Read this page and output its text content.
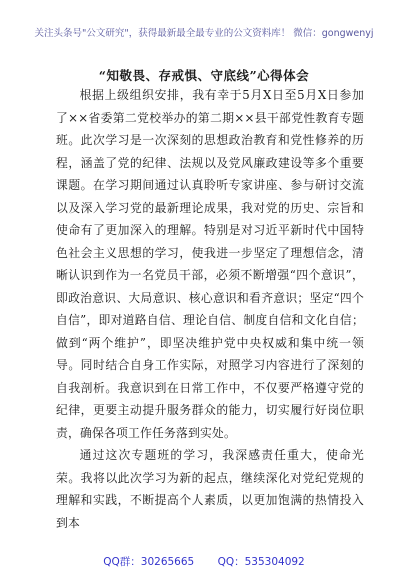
关注头条号"公文研究"，获得最新最全最专业的公文资料库！ 微信：gongwenyj
“知敬畏、存戒惧、守底线”心得体会

根据上级组织安排，我有幸于5月X日至5月X日参加了××省委第二党校举办的第二期××县干部党性教育专题班。此次学习是一次深刻的思想政治教育和党性修养的历程，涵盖了党的纪律、法规以及党风廉政建设等多个重要课题。在学习期间通过认真聆听专家讲座、参与研讨交流以及深入学习党的最新理论成果，我对党的历史、宗旨和使命有了更加深入的理解。特别是对习近平新时代中国特色社会主义思想的学习，使我进一步坚定了理想信念，清晰认识到作为一名党员干部，必须不断增强“四个意识”，即政治意识、大局意识、核心意识和看齐意识；坚定“四个自信”，即对道路自信、理论自信、制度自信和文化自信；做到“两个维护”，即坚决维护党中央权威和集中统一领导。同时结合自身工作实际，对照学习内容进行了深刻的自我剖析。我意识到在日常工作中，不仅要严格遵守党的纪律，更要主动提升服务群众的能力，切实履行好岗位职责，确保各项工作任务落到实处。

通过这次专题班的学习，我深感责任重大，使命光荣。我将以此次学习为新的起点，继续深化对党纪党规的理解和实践，不断提高个人素质，以更加饱满的热情投入到本

QQ群：30265665 QQ：535304092
